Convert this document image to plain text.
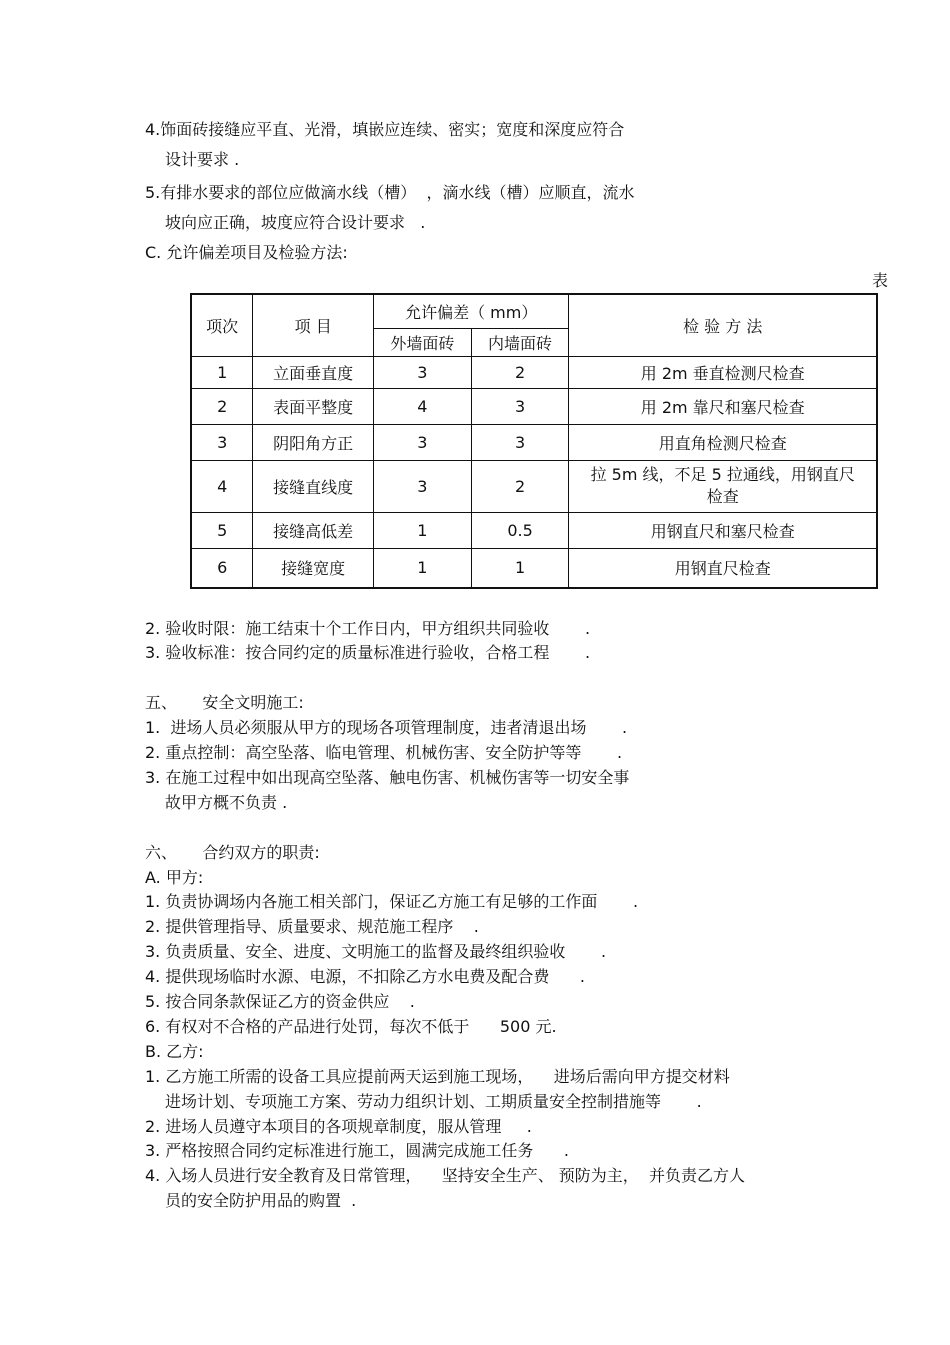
4.饰面砖接缝应平直、光滑，填嵌应连续、密实；宽度和深度应符合
设计要求 .
5.有排水要求的部位应做滴水线（槽）  ，滴水线（槽）应顺直，流水
坡向应正确，坡度应符合设计要求   .
C. 允许偏差项目及检验方法:
表
项次	项 目	允许偏差（ mm）		检 验 方 法
		外墙面砖	内墙面砖	
1	立面垂直度	3	2	用 2m 垂直检测尺检查
2	表面平整度	4	3	用 2m 靠尺和塞尺检查
3	阴阳角方正	3	3	用直角检测尺检查
4	接缝直线度	3	2	拉 5m 线，不足 5 拉通线，用钢直尺检查
5	接缝高低差	1	0.5	用钢直尺和塞尺检查
6	接缝宽度	1	1	用钢直尺检查
2. 验收时限：施工结束十个工作日内，甲方组织共同验收       .
3. 验收标准：按合同约定的质量标准进行验收，合格工程       .
五、     安全文明施工:
1.  进场人员必须服从甲方的现场各项管理制度，违者清退出场       .
2. 重点控制：高空坠落、临电管理、机械伤害、安全防护等等       .
3. 在施工过程中如出现高空坠落、触电伤害、机械伤害等一切安全事
故甲方概不负责 .
六、     合约双方的职责:
A. 甲方:
1. 负责协调场内各施工相关部门，保证乙方施工有足够的工作面       .
2. 提供管理指导、质量要求、规范施工程序    .
3. 负责质量、安全、进度、文明施工的监督及最终组织验收       .
4. 提供现场临时水源、电源，不扣除乙方水电费及配合费      .
5. 按合同条款保证乙方的资金供应    .
6. 有权对不合格的产品进行处罚，每次不低于      500 元.
B. 乙方:
1. 乙方施工所需的设备工具应提前两天运到施工现场，    进场后需向甲方提交材料
进场计划、专项施工方案、劳动力组织计划、工期质量安全控制措施等       .
2. 进场人员遵守本项目的各项规章制度，服从管理     .
3. 严格按照合同约定标准进行施工，圆满完成施工任务      .
4. 入场人员进行安全教育及日常管理，    坚持安全生产、 预防为主，  并负责乙方人
员的安全防护用品的购置  .
